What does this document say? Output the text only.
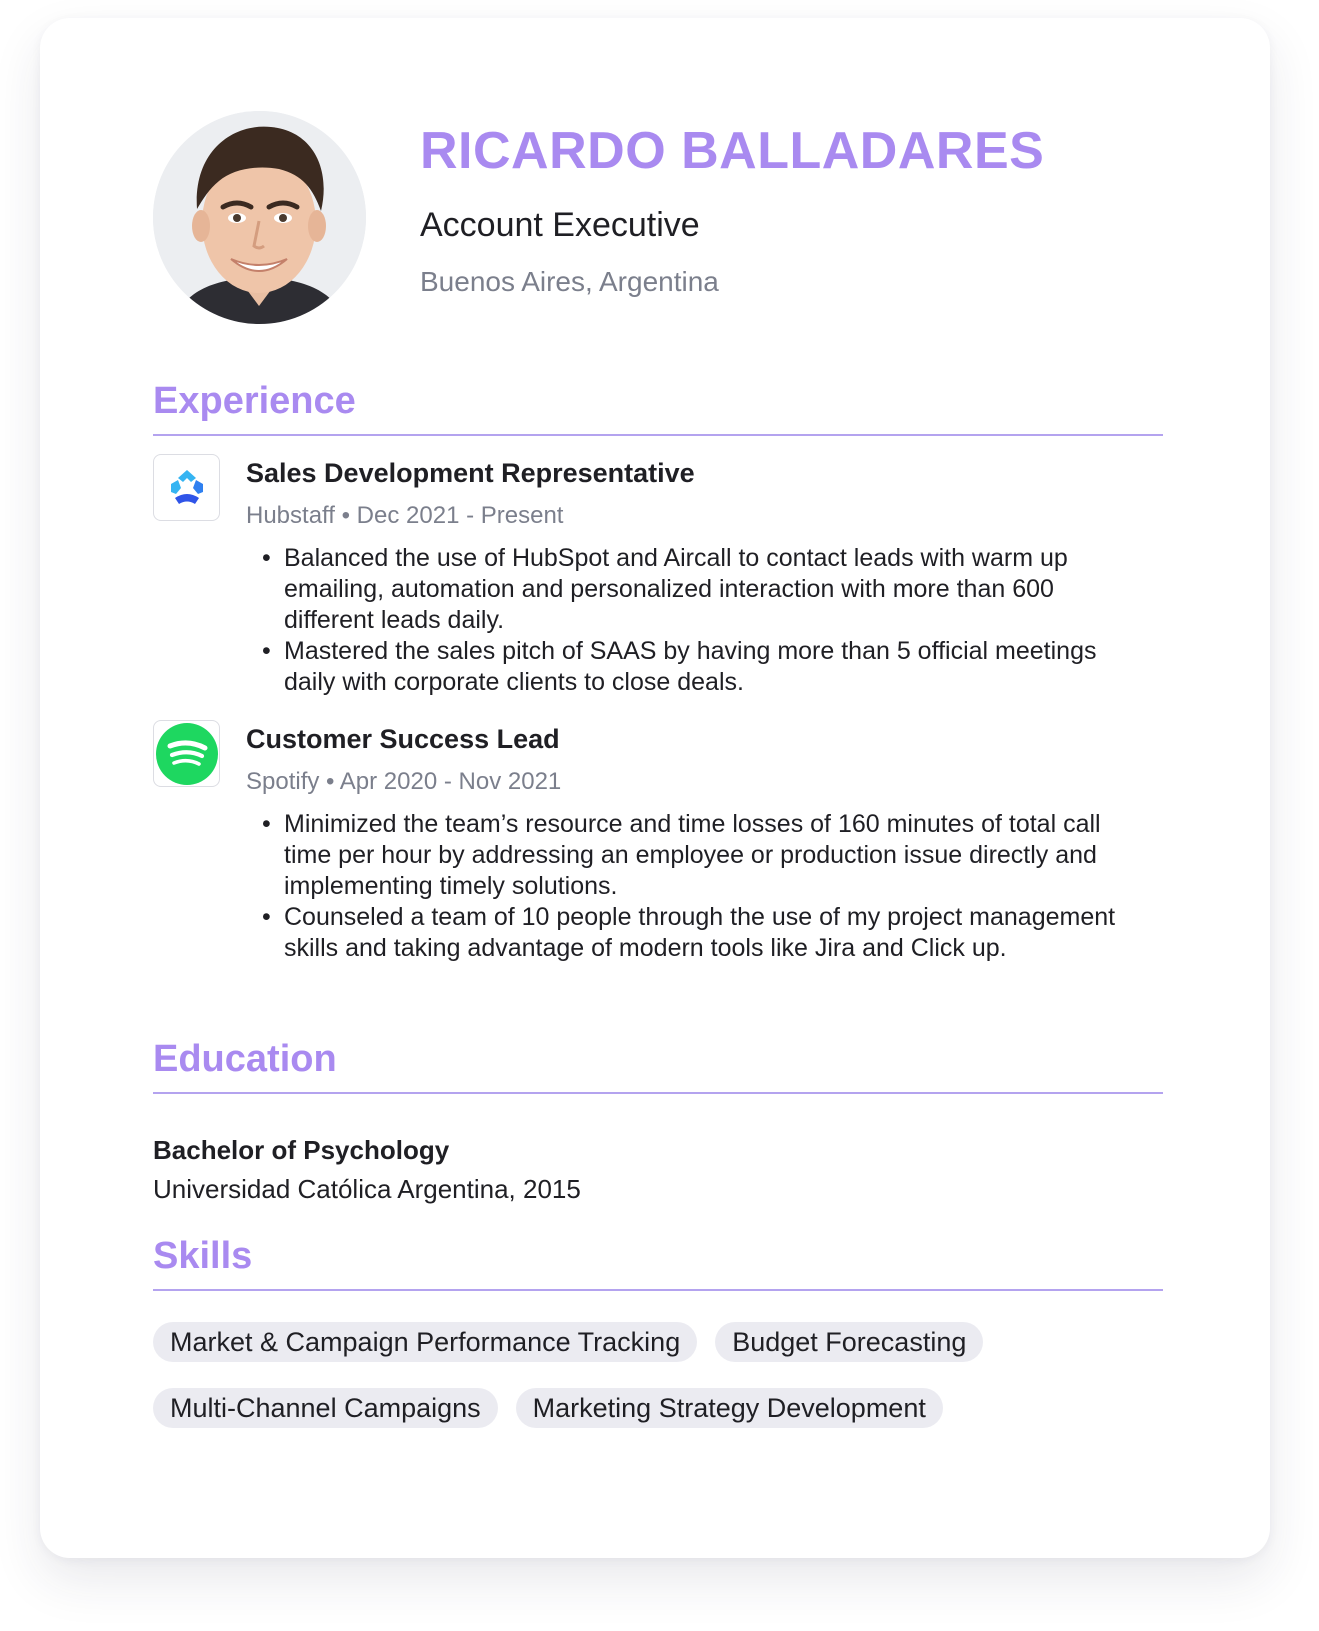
RICARDO BALLADARES
Account Executive
Buenos Aires, Argentina
Experience
Sales Development Representative
Hubstaff • Dec 2021 - Present
• Balanced the use of HubSpot and Aircall to contact leads with warm up emailing, automation and personalized interaction with more than 600 different leads daily.
• Mastered the sales pitch of SAAS by having more than 5 official meetings daily with corporate clients to close deals.
Customer Success Lead
Spotify • Apr 2020 - Nov 2021
• Minimized the team’s resource and time losses of 160 minutes of total call time per hour by addressing an employee or production issue directly and implementing timely solutions.
• Counseled a team of 10 people through the use of my project management skills and taking advantage of modern tools like Jira and Click up.
Education
Bachelor of Psychology
Universidad Católica Argentina, 2015
Skills
Market & Campaign Performance Tracking	Budget Forecasting
Multi-Channel Campaigns	Marketing Strategy Development
